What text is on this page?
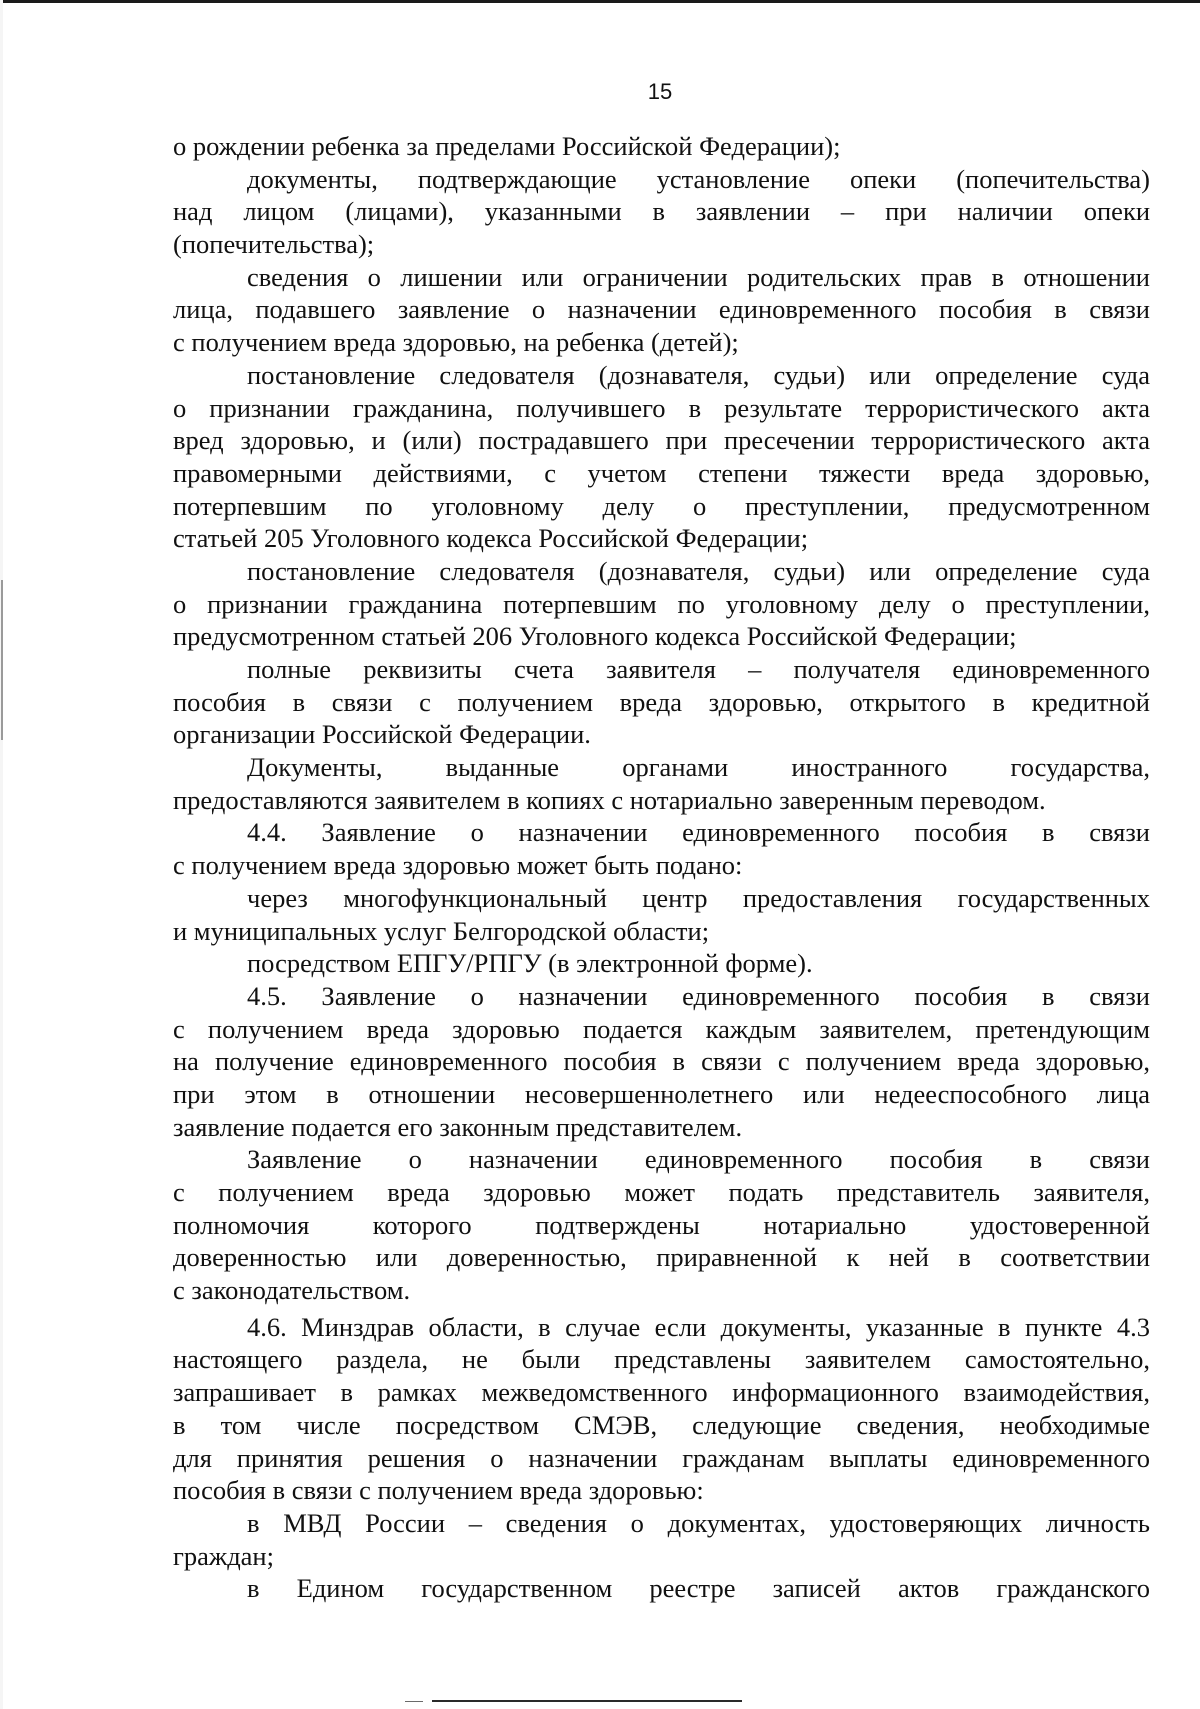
15
о рождении ребенка за пределами Российской Федерации);
документы, подтверждающие установление опеки (попечительства)
над лицом (лицами), указанными в заявлении – при наличии опеки
(попечительства);
сведения о лишении или ограничении родительских прав в отношении
лица, подавшего заявление о назначении единовременного пособия в связи
с получением вреда здоровью, на ребенка (детей);
постановление следователя (дознавателя, судьи) или определение суда
о признании гражданина, получившего в результате террористического акта
вред здоровью, и (или) пострадавшего при пресечении террористического акта
правомерными действиями, с учетом степени тяжести вреда здоровью,
потерпевшим по уголовному делу о преступлении, предусмотренном
статьей 205 Уголовного кодекса Российской Федерации;
постановление следователя (дознавателя, судьи) или определение суда
о признании гражданина потерпевшим по уголовному делу о преступлении,
предусмотренном статьей 206 Уголовного кодекса Российской Федерации;
полные реквизиты счета заявителя – получателя единовременного
пособия в связи с получением вреда здоровью, открытого в кредитной
организации Российской Федерации.
Документы, выданные органами иностранного государства,
предоставляются заявителем в копиях с нотариально заверенным переводом.
4.4. Заявление о назначении единовременного пособия в связи
с получением вреда здоровью может быть подано:
через многофункциональный центр предоставления государственных
и муниципальных услуг Белгородской области;
посредством ЕПГУ/РПГУ (в электронной форме).
4.5. Заявление о назначении единовременного пособия в связи
с получением вреда здоровью подается каждым заявителем, претендующим
на получение единовременного пособия в связи с получением вреда здоровью,
при этом в отношении несовершеннолетнего или недееспособного лица
заявление подается его законным представителем.
Заявление о назначении единовременного пособия в связи
с получением вреда здоровью может подать представитель заявителя,
полномочия которого подтверждены нотариально удостоверенной
доверенностью или доверенностью, приравненной к ней в соответствии
с законодательством.
4.6. Минздрав области, в случае если документы, указанные в пункте 4.3
настоящего раздела, не были представлены заявителем самостоятельно,
запрашивает в рамках межведомственного информационного взаимодействия,
в том числе посредством СМЭВ, следующие сведения, необходимые
для принятия решения о назначении гражданам выплаты единовременного
пособия в связи с получением вреда здоровью:
в МВД России – сведения о документах, удостоверяющих личность
граждан;
в Едином государственном реестре записей актов гражданского
